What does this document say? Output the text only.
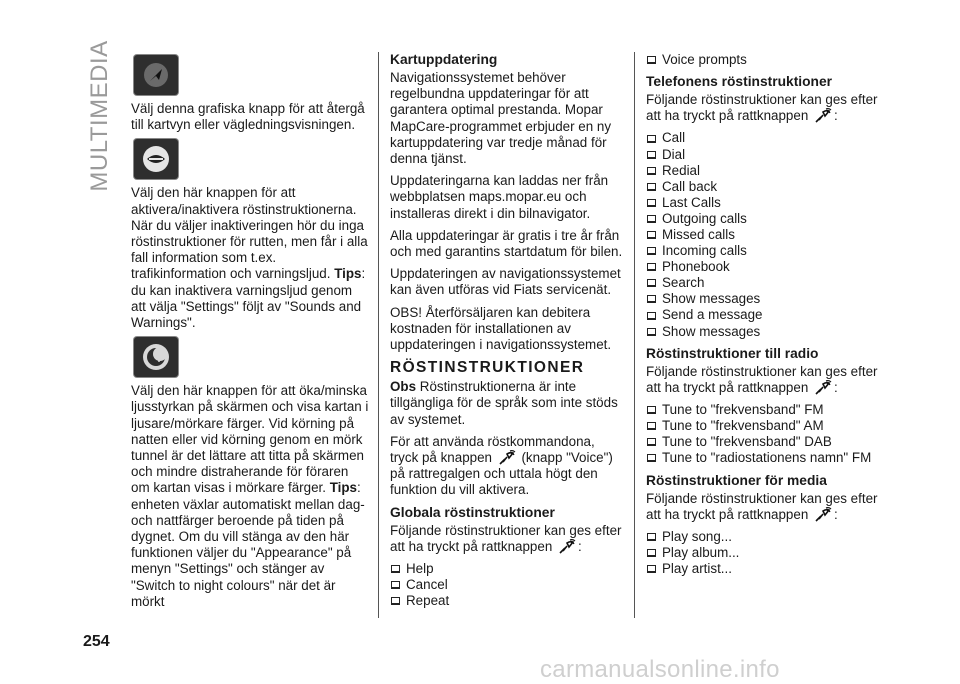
MULTIMEDIA Välj denna grafiska knapp för att återgå till kartvyn eller vägledningsvisningen.

Välj den här knappen för att aktivera/inaktivera röstinstruktionerna. När du väljer inaktiveringen hör du inga röstinstruktioner för rutten, men får i alla fall information som t.ex. trafikinformation och varningsljud. Tips: du kan inaktivera varningsljud genom att välja "Settings" följt av "Sounds and Warnings".

Välj den här knappen för att öka/minska ljusstyrkan på skärmen och visa kartan i ljusare/mörkare färger. Vid körning på natten eller vid körning genom en mörk tunnel är det lättare att titta på skärmen och mindre distraherande för föraren om kartan visas i mörkare färger. Tips: enheten växlar automatiskt mellan dag- och nattfärger beroende på tiden på dygnet. Om du vill stänga av den här funktionen väljer du "Appearance" på menyn "Settings" och stänger av "Switch to night colours" när det är mörkt

Kartuppdatering

Navigationssystemet behöver regelbundna uppdateringar för att garantera optimal prestanda. Mopar MapCare-programmet erbjuder en ny kartuppdatering var tredje månad för denna tjänst.

Uppdateringarna kan laddas ner från webbplatsen maps.mopar.eu och installeras direkt i din bilnavigator.

Alla uppdateringar är gratis i tre år från och med garantins startdatum för bilen.

Uppdateringen av navigationssystemet kan även utföras vid Fiats servicenät.

OBS! Återförsäljaren kan debitera kostnaden för installationen av uppdateringen i navigationssystemet.

RÖSTINSTRUKTIONER

Obs Röstinstruktionerna är inte tillgängliga för de språk som inte stöds av systemet.

För att använda röstkommandona, tryck på knappen (knapp "Voice") på rattregalgen och uttala högt den funktion du vill aktivera.

Globala röstinstruktioner

Följande röstinstruktioner kan ges efter att ha tryckt på rattknappen :

Help
Cancel
Repeat
Voice prompts
Telefonens röstinstruktioner

Följande röstinstruktioner kan ges efter att ha tryckt på rattknappen :

Call
Dial
Redial
Call back
Last Calls
Outgoing calls
Missed calls
Incoming calls
Phonebook
Search
Show messages
Send a message
Show messages
Röstinstruktioner till radio

Följande röstinstruktioner kan ges efter att ha tryckt på rattknappen :

Tune to "frekvensband" FM
Tune to "frekvensband" AM
Tune to "frekvensband" DAB
Tune to "radiostationens namn" FM
Röstinstruktioner för media

Följande röstinstruktioner kan ges efter att ha tryckt på rattknappen :

Play song...
Play album...
Play artist...
254
carmanualsonline.info
